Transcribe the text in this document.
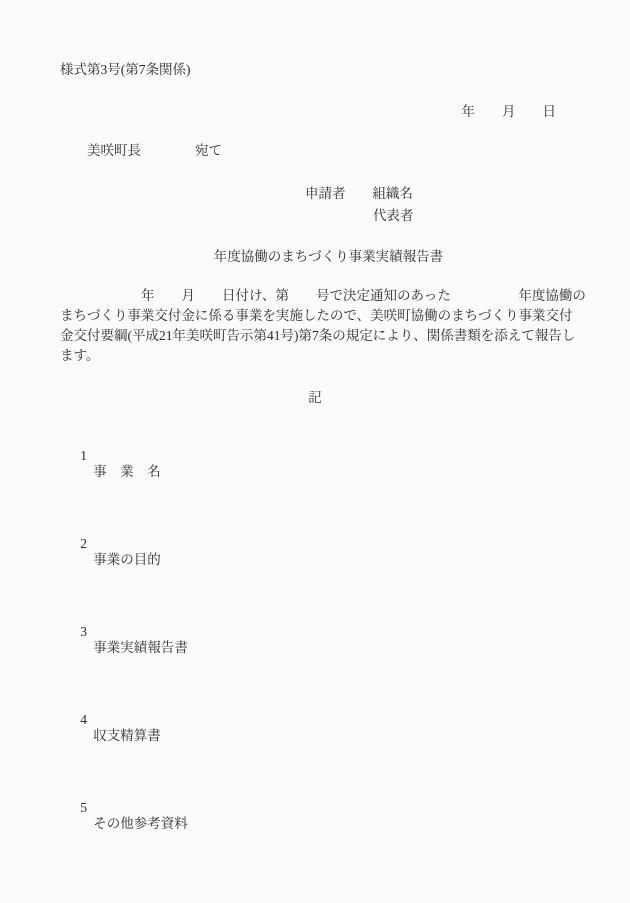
様式第3号(第7条関係)
年　　月　　日
美咲町長　　　　宛て
申請者　　組織名
代表者
　　年度協働のまちづくり事業実績報告書
　　　　　　年　　月　　日付け、第　　号で決定通知のあった　　　　　年度協働の
まちづくり事業交付金に係る事業を実施したので、美咲町協働のまちづくり事業交付
金交付要綱(平成21年美咲町告示第41号)第7条の規定により、関係書類を添えて報告し
ます。
記

1
事　業　名

2
事業の目的

3
事業実績報告書

4
収支精算書

5
その他参考資料
